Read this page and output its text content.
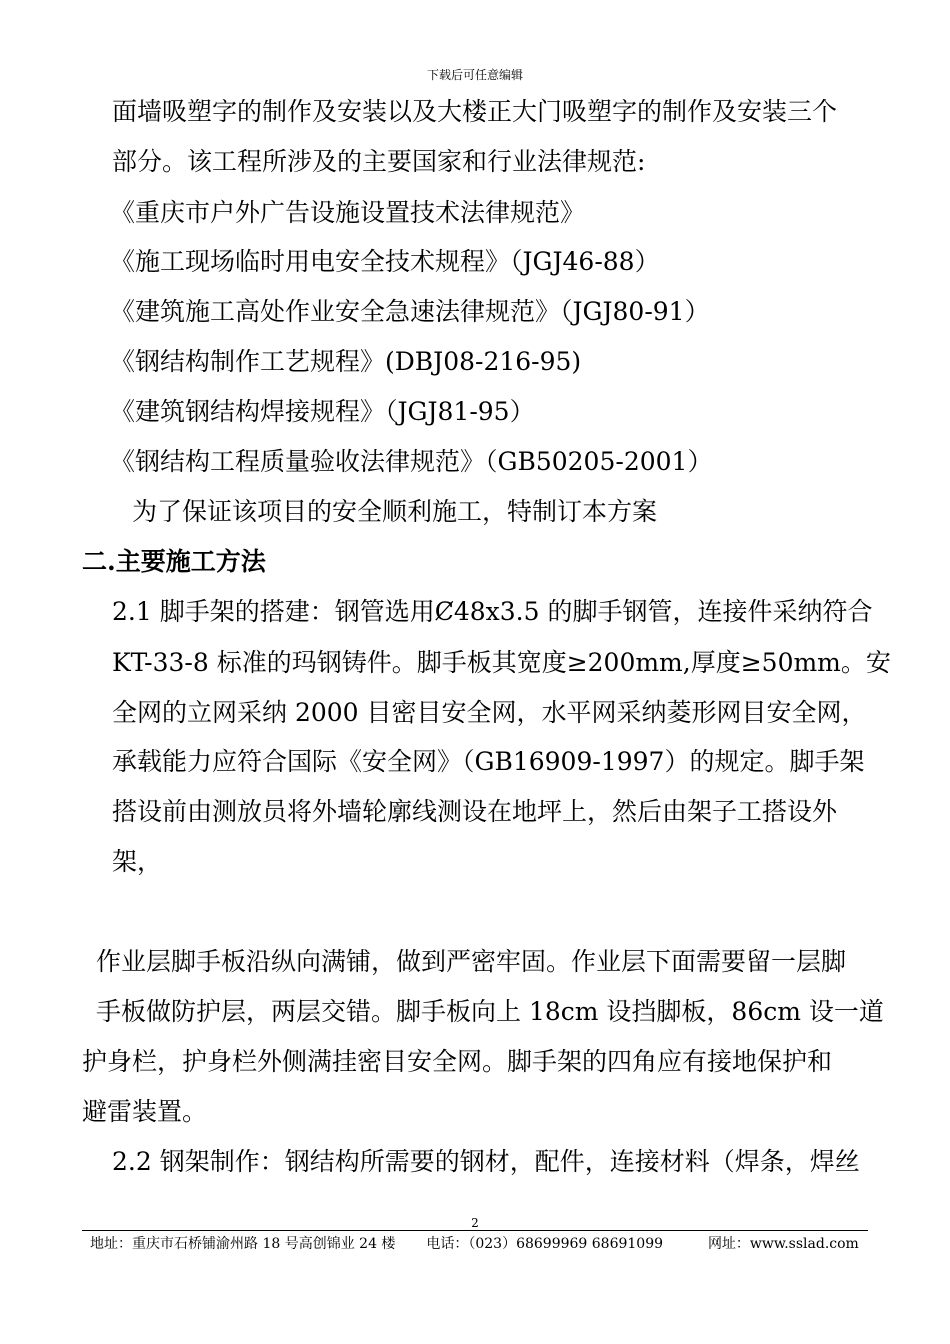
下载后可任意编辑
面墙吸塑字的制作及安装以及大楼正大门吸塑字的制作及安装三个
部分。该工程所涉及的主要国家和行业法律规范:
《重庆市户外广告设施设置技术法律规范》
《施工现场临时用电安全技术规程》（JGJ46-88）
《建筑施工高处作业安全急速法律规范》（JGJ80-91）
《钢结构制作工艺规程》(DBJ08-216-95)
《建筑钢结构焊接规程》（JGJ81-95）
《钢结构工程质量验收法律规范》（GB50205-2001）
为了保证该项目的安全顺利施工，特制订本方案
二.主要施工方法
2.1 脚手架的搭建：钢管选用Ȼ48x3.5 的脚手钢管，连接件采纳符合
KT-33-8 标准的玛钢铸件。脚手板其宽度≥200mm,厚度≥50mm。安
全网的立网采纳 2000 目密目安全网，水平网采纳菱形网目安全网，
承载能力应符合国际《安全网》（GB16909-1997）的规定。脚手架
搭设前由测放员将外墙轮廓线测设在地坪上，然后由架子工搭设外
架，
作业层脚手板沿纵向满铺，做到严密牢固。作业层下面需要留一层脚
手板做防护层，两层交错。脚手板向上 18cm 设挡脚板，86cm 设一道
护身栏，护身栏外侧满挂密目安全网。脚手架的四角应有接地保护和
避雷装置。
2.2 钢架制作：钢结构所需要的钢材，配件，连接材料（焊条，焊丝
2
地址：重庆市石桥铺渝州路 18 号高创锦业 24 楼 电话：（023）68699969 68691099	网址：www.sslad.com
